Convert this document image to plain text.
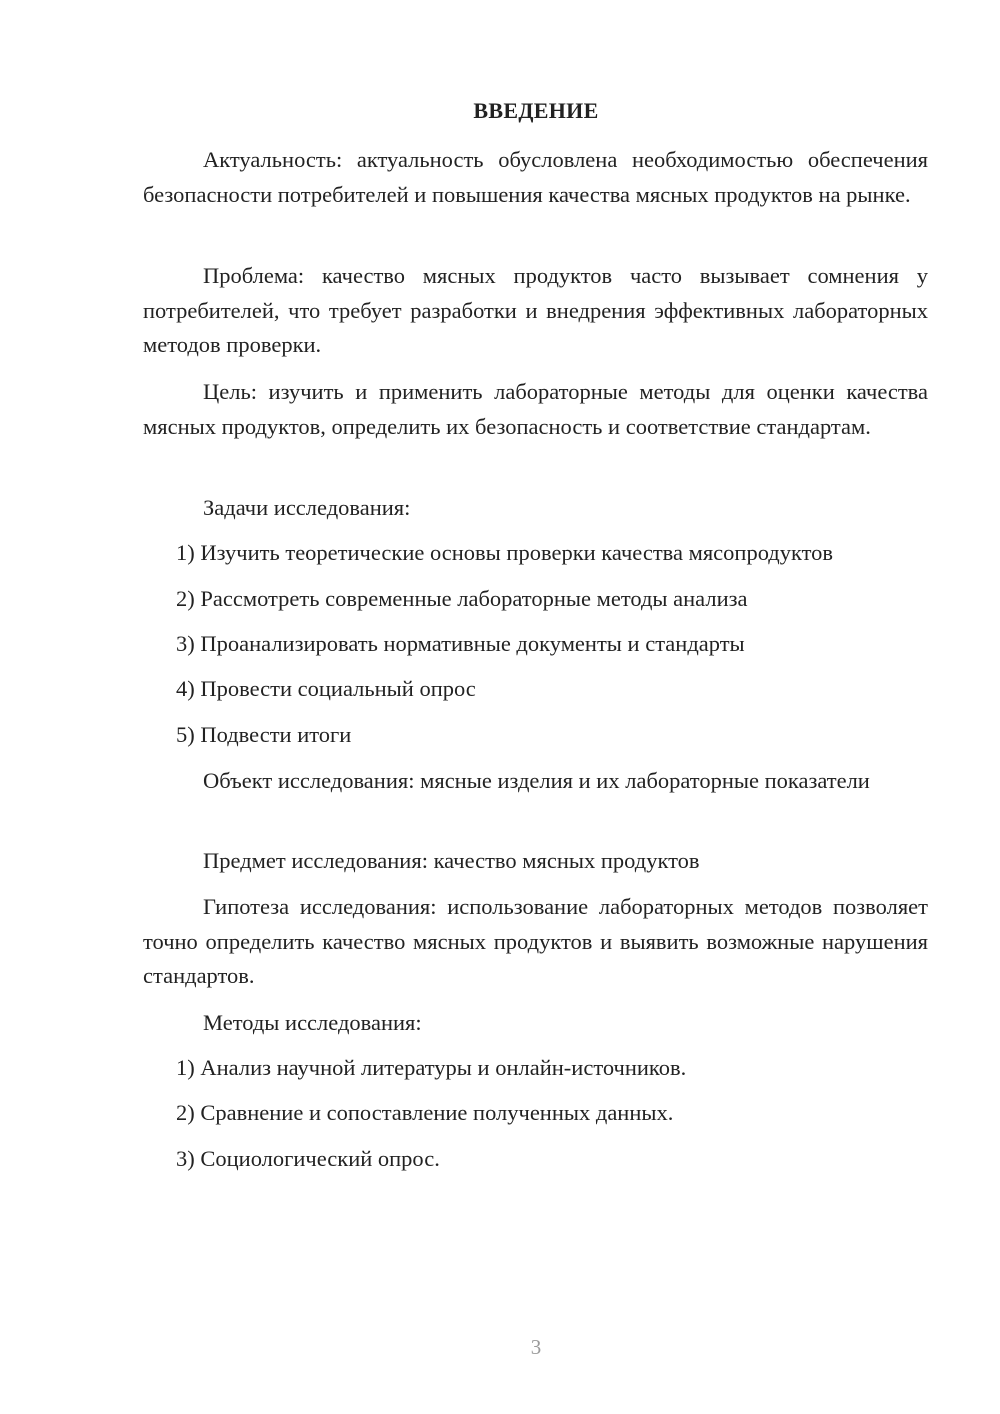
ВВЕДЕНИЕ

Актуальность: актуальность обусловлена необходимостью обеспечения безопасности потребителей и повышения качества мясных продуктов на рынке.

Проблема: качество мясных продуктов часто вызывает сомнения у потребителей, что требует разработки и внедрения эффективных лабораторных методов проверки.

Цель: изучить и применить лабораторные методы для оценки качества мясных продуктов, определить их безопасность и соответствие стандартам.

Задачи исследования:
1) Изучить теоретические основы проверки качества мясопродуктов
2) Рассмотреть современные лабораторные методы анализа
3) Проанализировать нормативные документы и стандарты
4) Провести социальный опрос
5) Подвести итоги

Объект исследования: мясные изделия и их лабораторные показатели

Предмет исследования: качество мясных продуктов

Гипотеза исследования: использование лабораторных методов позволяет точно определить качество мясных продуктов и выявить возможные нарушения стандартов.

Методы исследования:
1) Анализ научной литературы и онлайн-источников.
2) Сравнение и сопоставление полученных данных.
3) Социологический опрос.
3
